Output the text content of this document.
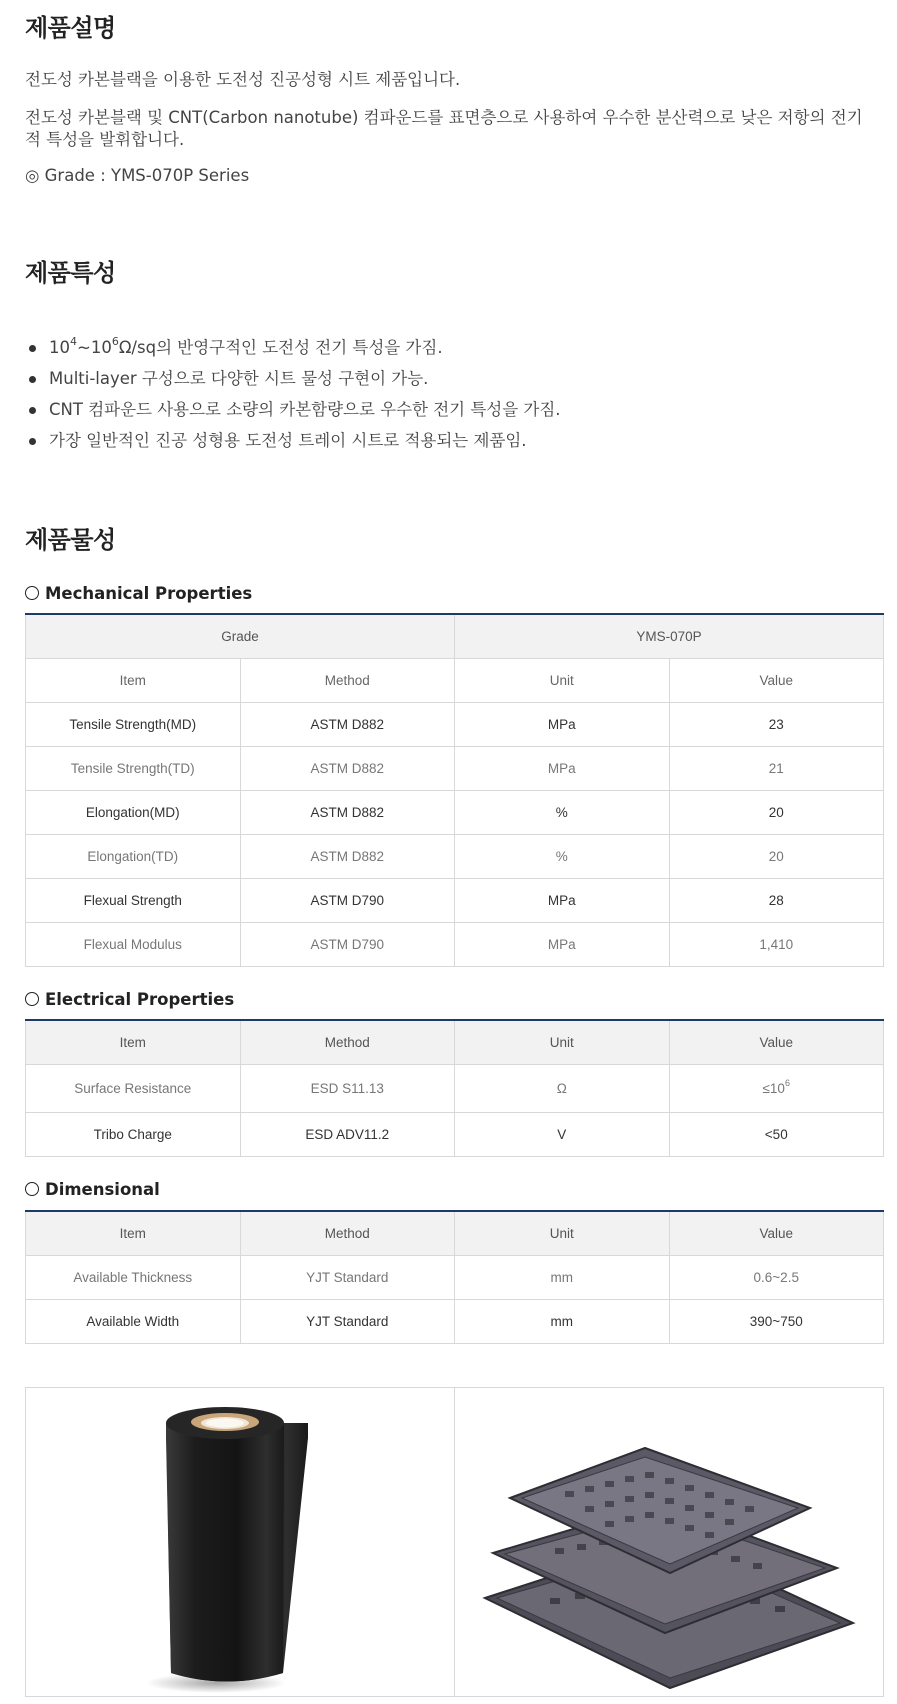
제품설명

전도성 카본블랙을 이용한 도전성 진공성형 시트 제품입니다.

전도성 카본블랙 및 CNT(Carbon nanotube) 컴파운드를 표면층으로 사용하여 우수한 분산력으로 낮은 저항의 전기적 특성을 발휘합니다.

◎ Grade : YMS-070P Series

제품특성
$10^4\sim 10^6\Omega/sq$의 반영구적인 도전성 전기 특성을 가짐.
Multi-layer 구성으로 다양한 시트 물성 구현이 가능.
CNT 컴파운드 사용으로 소량의 카본함량으로 우수한 전기 특성을 가짐.
가장 일반적인 진공 성형용 도전성 트레이 시트로 적용되는 제품임.
제품물성

Mechanical Properties

Grade		YMS-070P	
Item	Method	Unit	Value
Tensile Strength(MD)	ASTM D882	MPa	23
Tensile Strength(TD)	ASTM D882	MPa	21
Elongation(MD)	ASTM D882	%	20
Elongation(TD)	ASTM D882	%	20
Flexual Strength	ASTM D790	MPa	28
Flexual Modulus	ASTM D790	MPa	1,410

Electrical Properties

Item	Method	Unit	Value
Surface Resistance	ESD S11.13	Ω	$\le 10^6$
Tribo Charge	ESD ADV11.2	V	<50

Dimensional

Item	Method	Unit	Value
Available Thickness	YJT Standard	mm	0.6~2.5
Available Width	YJT Standard	mm	390~750
